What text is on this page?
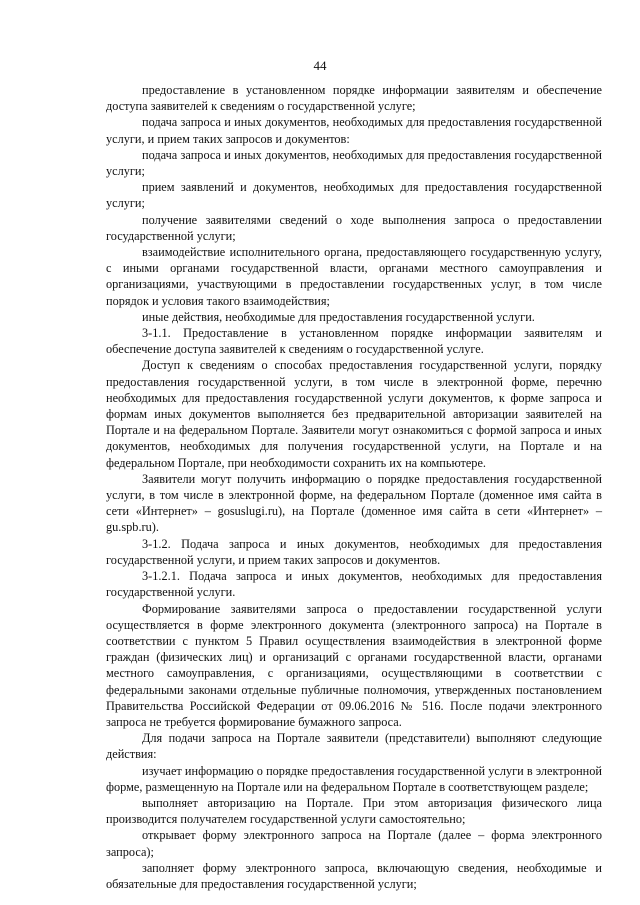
44

предоставление в установленном порядке информации заявителям и обеспечение доступа заявителей к сведениям о государственной услуге;

подача запроса и иных документов, необходимых для предоставления государственной услуги, и прием таких запросов и документов:

подача запроса и иных документов, необходимых для предоставления государственной услуги;

прием заявлений и документов, необходимых для предоставления государственной услуги;

получение заявителями сведений о ходе выполнения запроса о предоставлении государственной услуги;

взаимодействие исполнительного органа, предоставляющего государственную услугу, с иными органами государственной власти, органами местного самоуправления и организациями, участвующими в предоставлении государственных услуг, в том числе порядок и условия такого взаимодействия;

иные действия, необходимые для предоставления государственной услуги.

3-1.1. Предоставление в установленном порядке информации заявителям и обеспечение доступа заявителей к сведениям о государственной услуге.

Доступ к сведениям о способах предоставления государственной услуги, порядку предоставления государственной услуги, в том числе в электронной форме, перечню необходимых для предоставления государственной услуги документов, к форме запроса и формам иных документов выполняется без предварительной авторизации заявителей на Портале и на федеральном Портале. Заявители могут ознакомиться с формой запроса и иных документов, необходимых для получения государственной услуги, на Портале и на федеральном Портале, при необходимости сохранить их на компьютере.

Заявители могут получить информацию о порядке предоставления государственной услуги, в том числе в электронной форме, на федеральном Портале (доменное имя сайта в сети «Интернет» – gosuslugi.ru), на Портале (доменное имя сайта в сети «Интернет» – gu.spb.ru).

3-1.2. Подача запроса и иных документов, необходимых для предоставления государственной услуги, и прием таких запросов и документов.

3-1.2.1. Подача запроса и иных документов, необходимых для предоставления государственной услуги.

Формирование заявителями запроса о предоставлении государственной услуги осуществляется в форме электронного документа (электронного запроса) на Портале в соответствии с пунктом 5 Правил осуществления взаимодействия в электронной форме граждан (физических лиц) и организаций с органами государственной власти, органами местного самоуправления, с организациями, осуществляющими в соответствии с федеральными законами отдельные публичные полномочия, утвержденных постановлением Правительства Российской Федерации от 09.06.2016 № 516. После подачи электронного запроса не требуется формирование бумажного запроса.

Для подачи запроса на Портале заявители (представители) выполняют следующие действия:

изучает информацию о порядке предоставления государственной услуги в электронной форме, размещенную на Портале или на федеральном Портале в соответствующем разделе;

выполняет авторизацию на Портале. При этом авторизация физического лица производится получателем государственной услуги самостоятельно;

открывает форму электронного запроса на Портале (далее – форма электронного запроса);

заполняет форму электронного запроса, включающую сведения, необходимые и обязательные для предоставления государственной услуги;
